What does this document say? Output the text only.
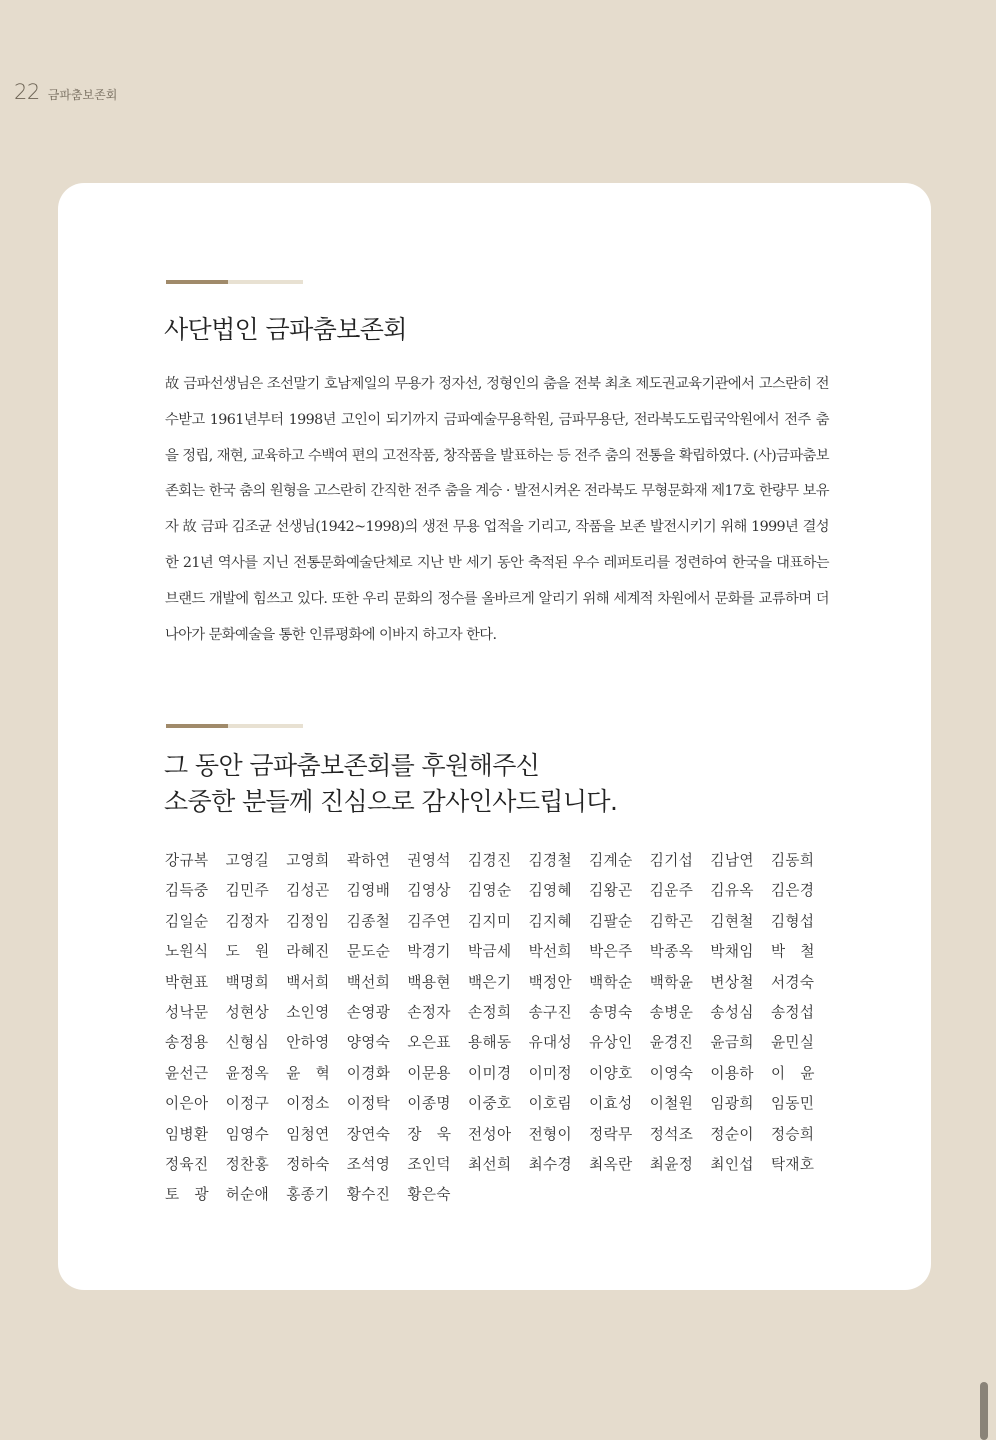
22 금파춤보존회
사단법인 금파춤보존회

故 금파선생님은 조선말기 호남제일의 무용가 정자선, 정형인의 춤을 전북 최초 제도권교육기관에서 고스란히 전수받고 1961년부터 1998년 고인이 되기까지 금파예술무용학원, 금파무용단, 전라북도도립국악원에서 전주 춤을 정립, 재현, 교육하고 수백여 편의 고전작품, 창작품을 발표하는 등 전주 춤의 전통을 확립하였다. (사)금파춤보존회는 한국 춤의 원형을 고스란히 간직한 전주 춤을 계승 · 발전시켜온 전라북도 무형문화재 제17호 한량무 보유자 故 금파 김조균 선생님(1942~1998)의 생전 무용 업적을 기리고, 작품을 보존 발전시키기 위해 1999년 결성한 21년 역사를 지닌 전통문화예술단체로 지난 반 세기 동안 축적된 우수 레퍼토리를 정련하여 한국을 대표하는 브랜드 개발에 힘쓰고 있다. 또한 우리 문화의 정수를 올바르게 알리기 위해 세계적 차원에서 문화를 교류하며 더 나아가 문화예술을 통한 인류평화에 이바지 하고자 한다.

그 동안 금파춤보존회를 후원해주신
소중한 분들께 진심으로 감사인사드립니다.
강규복	고영길	고영희	곽하연	권영석	김경진	김경철	김계순	김기섭	김남연	김동희
김득중	김민주	김성곤	김영배	김영상	김영순	김영혜	김왕곤	김운주	김유옥	김은경
김일순	김정자	김정임	김종철	김주연	김지미	김지혜	김팔순	김학곤	김현철	김형섭
노원식	도　원	라혜진	문도순	박경기	박금세	박선희	박은주	박종옥	박채임	박　철
박현표	백명희	백서희	백선희	백용현	백은기	백정안	백학순	백학윤	변상철	서경숙
성낙문	성현상	소인영	손영광	손정자	손정희	송구진	송명숙	송병운	송성심	송정섭
송정용	신형심	안하영	양영숙	오은표	용해동	유대성	유상인	윤경진	윤금희	윤민실
윤선근	윤정옥	윤　혁	이경화	이문용	이미경	이미정	이양호	이영숙	이용하	이　윤
이은아	이정구	이정소	이정탁	이종명	이중호	이호림	이효성	이철원	임광희	임동민
임병환	임영수	임청연	장연숙	장　욱	전성아	전형이	정락무	정석조	정순이	정승희
정육진	정찬홍	정하숙	조석영	조인덕	최선희	최수경	최옥란	최윤정	최인섭	탁재호
토　광	허순애	홍종기	황수진	황은숙
